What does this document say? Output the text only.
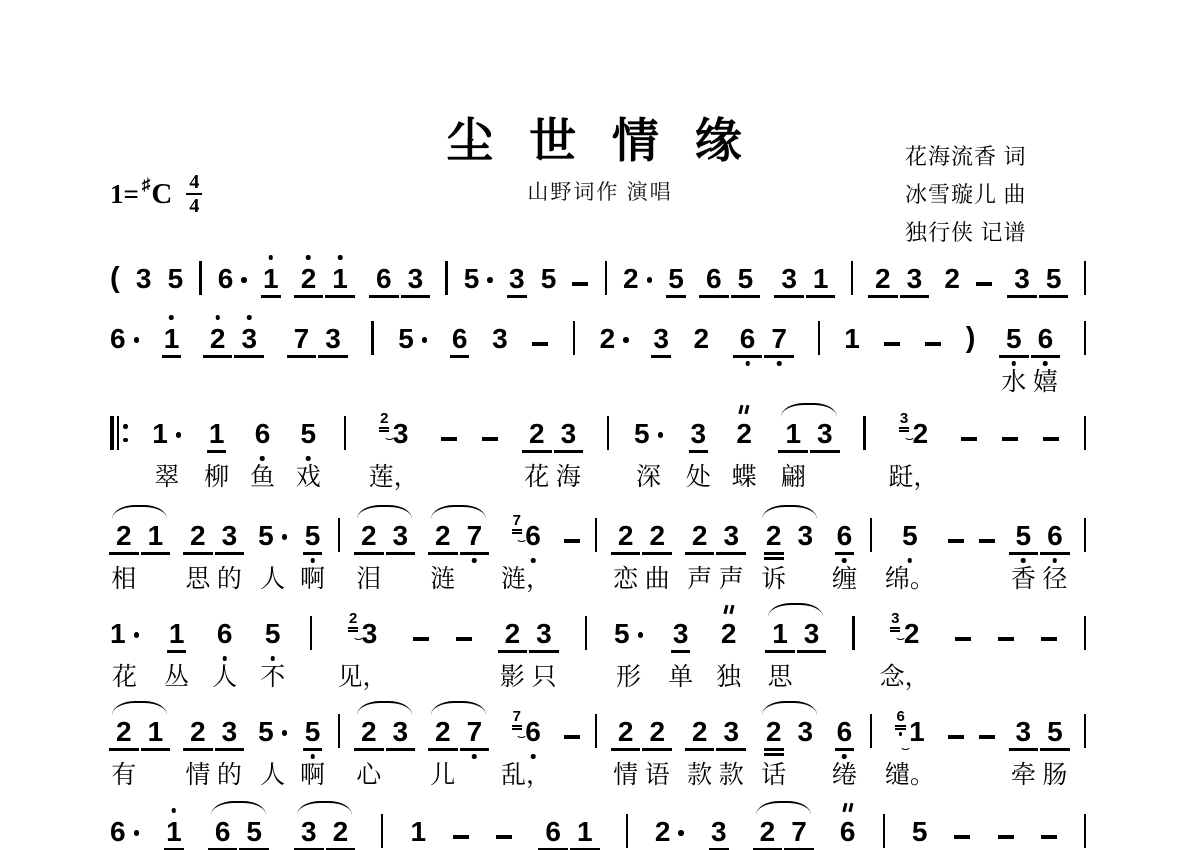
尘 世 情 缘
山野词作 演唱
花海流香 词
冰雪璇儿 曲
独行侠 记谱
1= ♯ C $\frac{4}{4}$
( 3 5 6 1 2 1 6 3 5 3 5 2 5 6 5 3 1 2 3 2 3 5
6 1 2 3 7 3 5 6 3	2 3 2 6 7 1	) 5
水
6
嬉
1
翠
1
柳
6
鱼
5
戏
2 3
莲，
2
花
3
海
5
深
3
处
2
蝶
1
翩
3	3 2
跹，
2
相
1 2
思
3
的
5
人
5
啊
2
泪
3 2
涟
7 7 6
涟，
2
恋
2
曲
2
声
3
声
2
诉
3 6
缠
5
绵。
5
香
6
径
1
花
1
丛
6
人
5
不
2 3
见，
2
影
3
只
5
形
3
单
2
独
1
思
3	3 2
念，
2
有
1 2
情
3
的
5
人
5
啊
2
心
3 2
儿
7 7 6
乱，
2
情
2
语
2
款
3
款
2
话
3 6
绻
6 1
缱。
3
牵
5
肠
6 1 6 5 3 2 1	6 1 2 3 2 7 6 5
